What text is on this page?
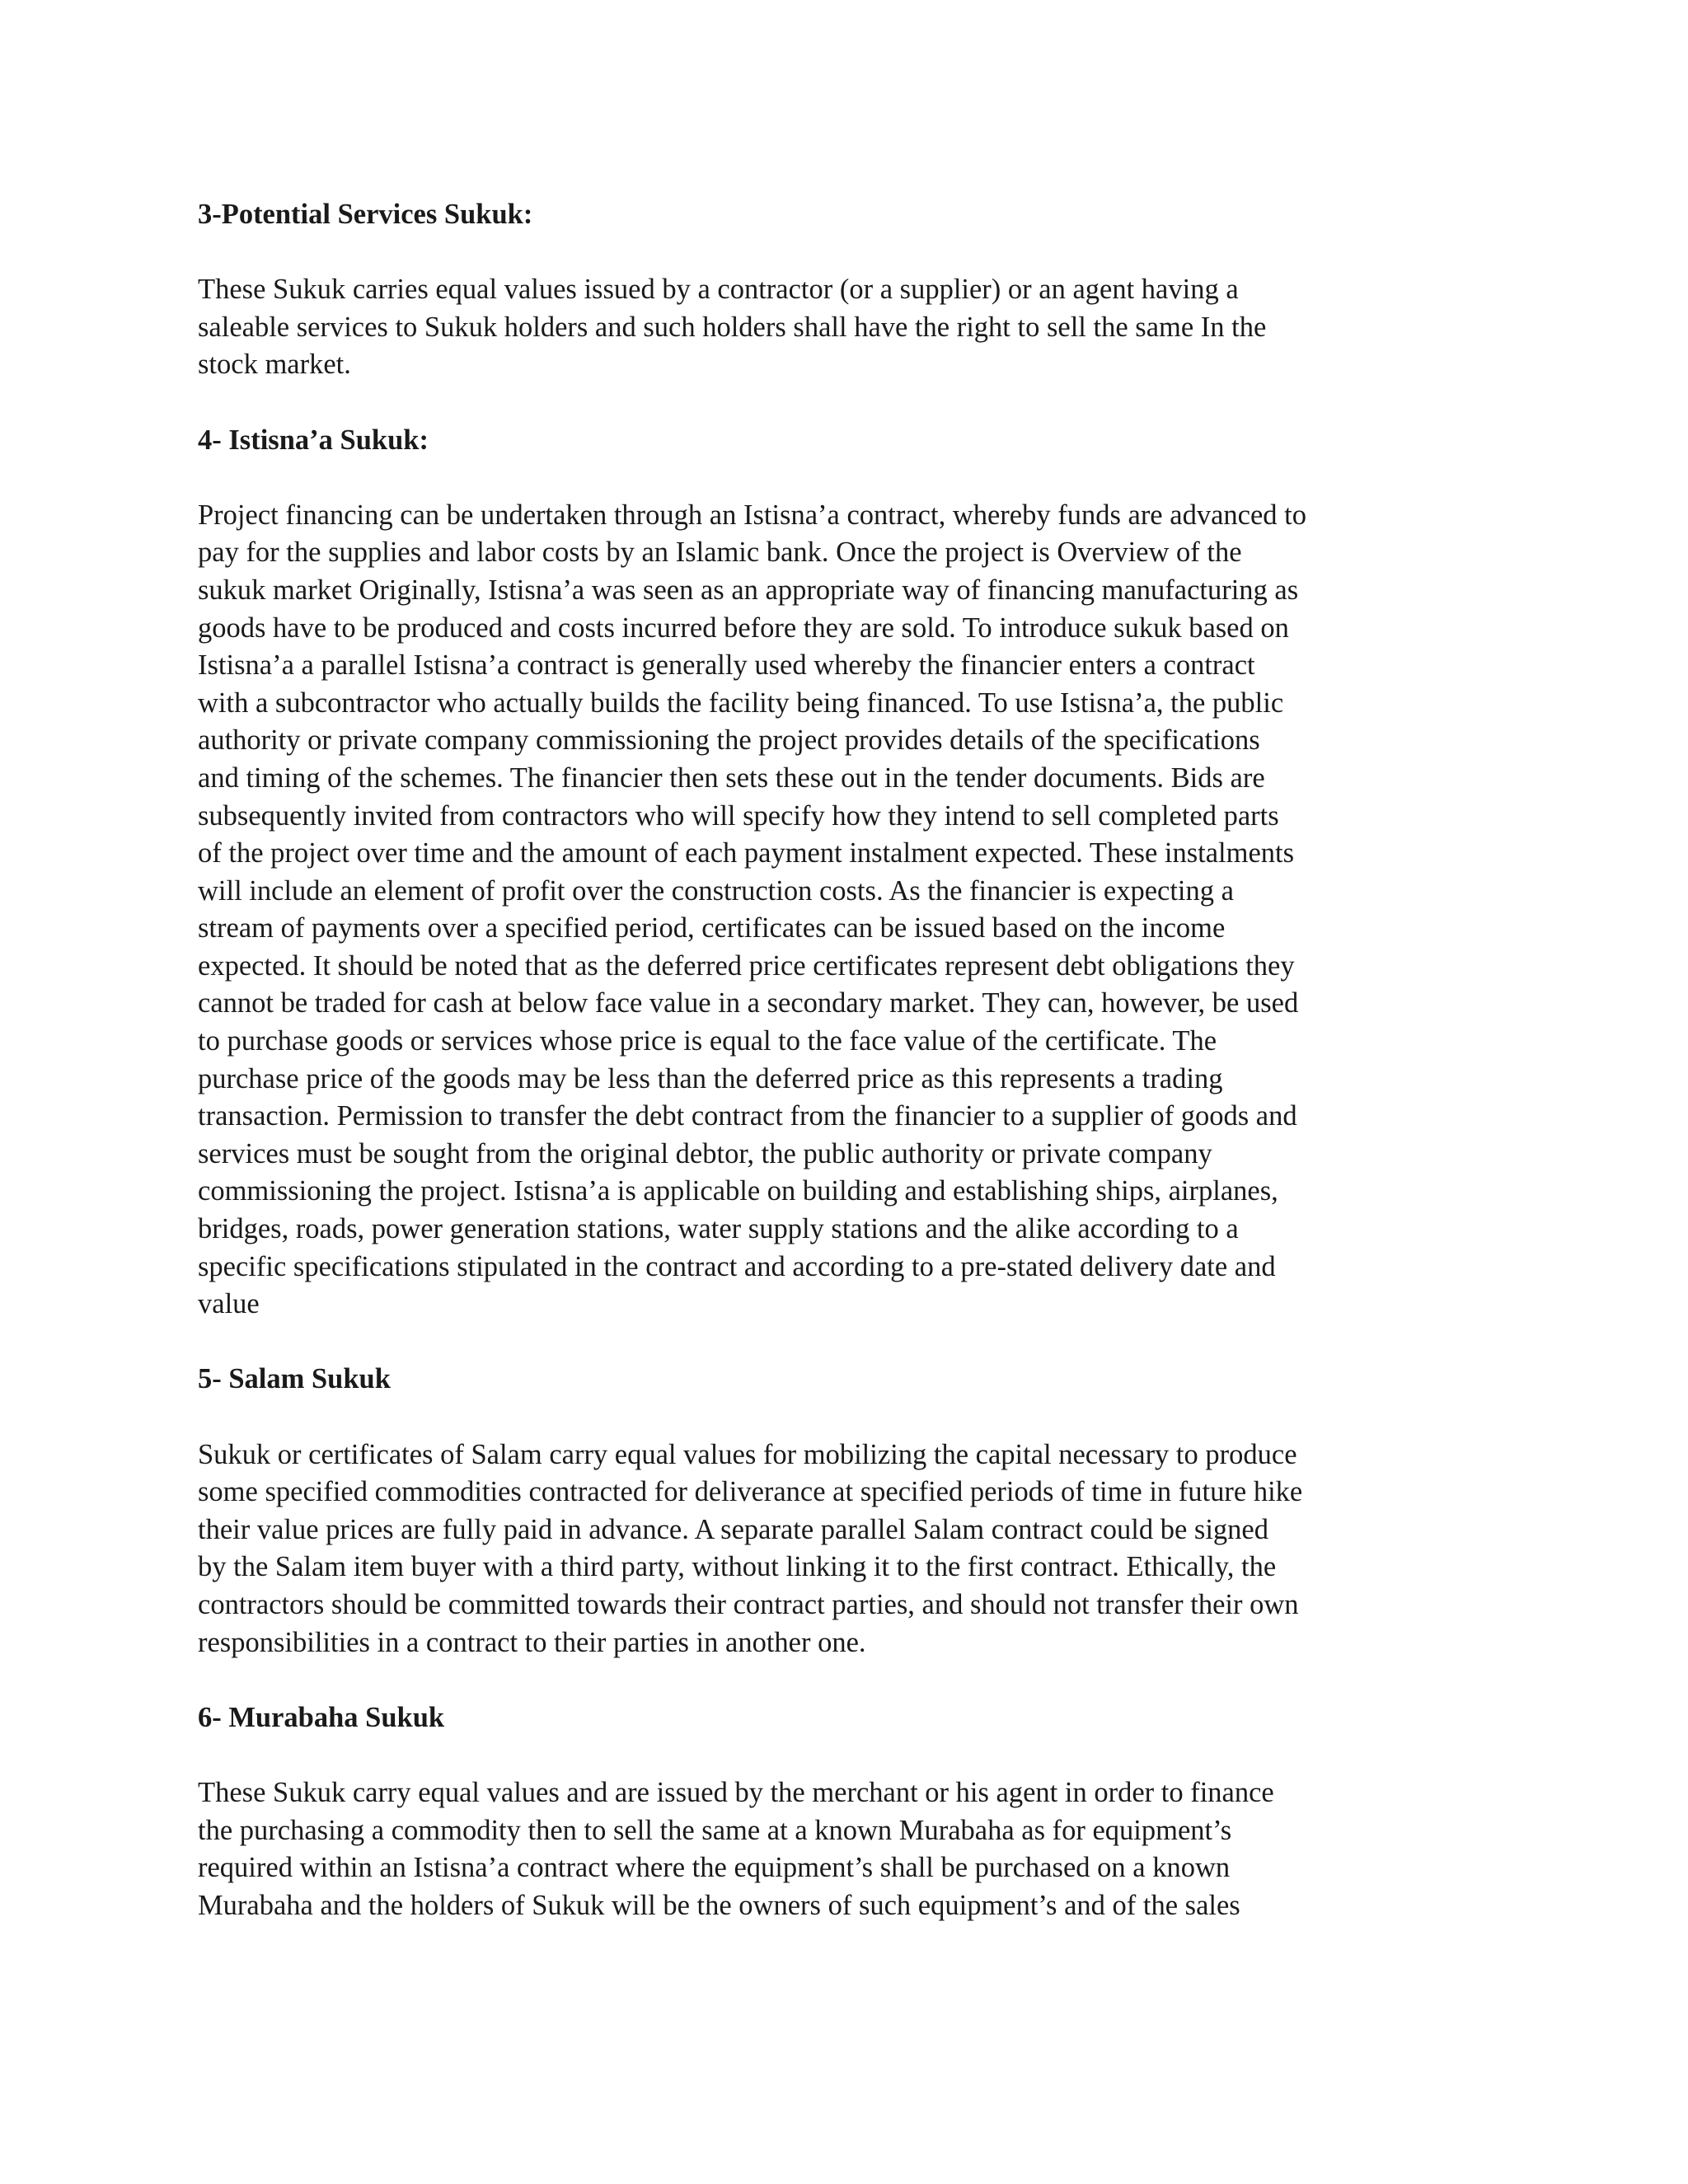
3-Potential Services Sukuk:
These Sukuk carries equal values issued by a contractor (or a supplier) or an agent having a
saleable services to Sukuk holders and such holders shall have the right to sell the same In the
stock market.
4- Istisna’a Sukuk:
Project financing can be undertaken through an Istisna’a contract, whereby funds are advanced to
pay for the supplies and labor costs by an Islamic bank. Once the project is Overview of the
sukuk market Originally, Istisna’a was seen as an appropriate way of financing manufacturing as
goods have to be produced and costs incurred before they are sold. To introduce sukuk based on
Istisna’a a parallel Istisna’a contract is generally used whereby the financier enters a contract
with a subcontractor who actually builds the facility being financed. To use Istisna’a, the public
authority or private company commissioning the project provides details of the specifications
and timing of the schemes. The financier then sets these out in the tender documents. Bids are
subsequently invited from contractors who will specify how they intend to sell completed parts
of the project over time and the amount of each payment instalment expected. These instalments
will include an element of profit over the construction costs. As the financier is expecting a
stream of payments over a specified period, certificates can be issued based on the income
expected. It should be noted that as the deferred price certificates represent debt obligations they
cannot be traded for cash at below face value in a secondary market. They can, however, be used
to purchase goods or services whose price is equal to the face value of the certificate. The
purchase price of the goods may be less than the deferred price as this represents a trading
transaction. Permission to transfer the debt contract from the financier to a supplier of goods and
services must be sought from the original debtor, the public authority or private company
commissioning the project. Istisna’a is applicable on building and establishing ships, airplanes,
bridges, roads, power generation stations, water supply stations and the alike according to a
specific specifications stipulated in the contract and according to a pre-stated delivery date and
value
5- Salam Sukuk
Sukuk or certificates of Salam carry equal values for mobilizing the capital necessary to produce
some specified commodities contracted for deliverance at specified periods of time in future hike
their value prices are fully paid in advance. A separate parallel Salam contract could be signed
by the Salam item buyer with a third party, without linking it to the first contract. Ethically, the
contractors should be committed towards their contract parties, and should not transfer their own
responsibilities in a contract to their parties in another one.
6- Murabaha Sukuk
These Sukuk carry equal values and are issued by the merchant or his agent in order to finance
the purchasing a commodity then to sell the same at a known Murabaha as for equipment’s
required within an Istisna’a contract where the equipment’s shall be purchased on a known
Murabaha and the holders of Sukuk will be the owners of such equipment’s and of the sales
